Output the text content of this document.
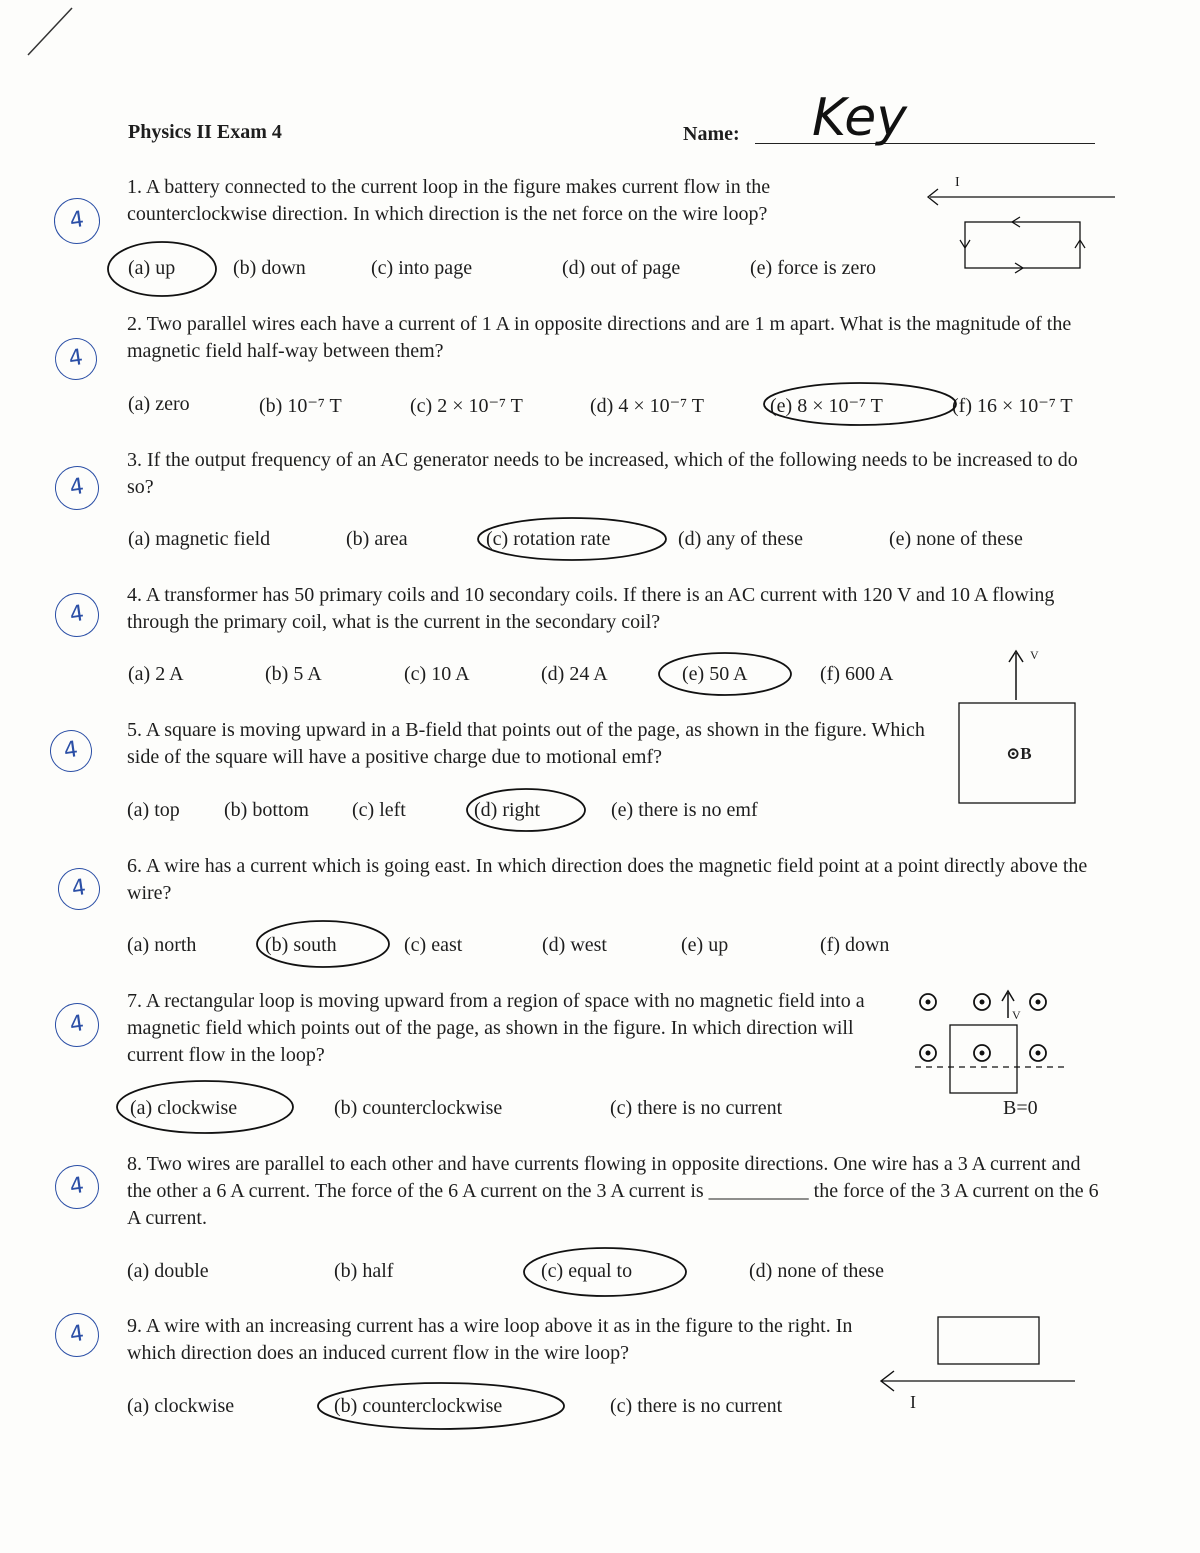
Physics II Exam 4	Name: Key
4
1. A battery connected to the current loop in the figure makes current flow in the counterclockwise direction. In which direction is the net force on the wire loop?
(a) up	(b) down	(c) into page	(d) out of page	(e) force is zero
I
4
2. Two parallel wires each have a current of 1 A in opposite directions and are 1 m apart. What is the magnitude of the magnetic field half-way between them?
(a) zero	(b) 10⁻⁷ T	(c) 2 × 10⁻⁷ T	(d) 4 × 10⁻⁷ T	(e) 8 × 10⁻⁷ T	(f) 16 × 10⁻⁷ T
4
3. If the output frequency of an AC generator needs to be increased, which of the following needs to be increased to do so?
(a) magnetic field	(b) area	(c) rotation rate	(d) any of these	(e) none of these
4
4. A transformer has 50 primary coils and 10 secondary coils. If there is an AC current with 120 V and 10 A flowing through the primary coil, what is the current in the secondary coil?
(a) 2 A	(b) 5 A	(c) 10 A	(d) 24 A	(e) 50 A	(f) 600 A
V
⊙B
4
5. A square is moving upward in a B-field that points out of the page, as shown in the figure. Which side of the square will have a positive charge due to motional emf?
(a) top (b) bottom (c) left	(d) right	(e) there is no emf
4
6. A wire has a current which is going east. In which direction does the magnetic field point at a point directly above the wire?
(a) north	(b) south	(c) east	(d) west	(e) up	(f) down
4
7. A rectangular loop is moving upward from a region of space with no magnetic field into a magnetic field which points out of the page, as shown in the figure. In which direction will current flow in the loop?
(a) clockwise	(b) counterclockwise	(c) there is no current
V
B=0
4
8. Two wires are parallel to each other and have currents flowing in opposite directions. One wire has a 3 A current and the other a 6 A current. The force of the 6 A current on the 3 A current is __________ the force of the 3 A current on the 6 A current.
(a) double	(b) half	(c) equal to	(d) none of these
4	9. A wire with an increasing current has a wire loop above it as in the figure to the right. In which direction does an induced current flow in the wire loop?
(a) clockwise	(b) counterclockwise	(c) there is no current	I
